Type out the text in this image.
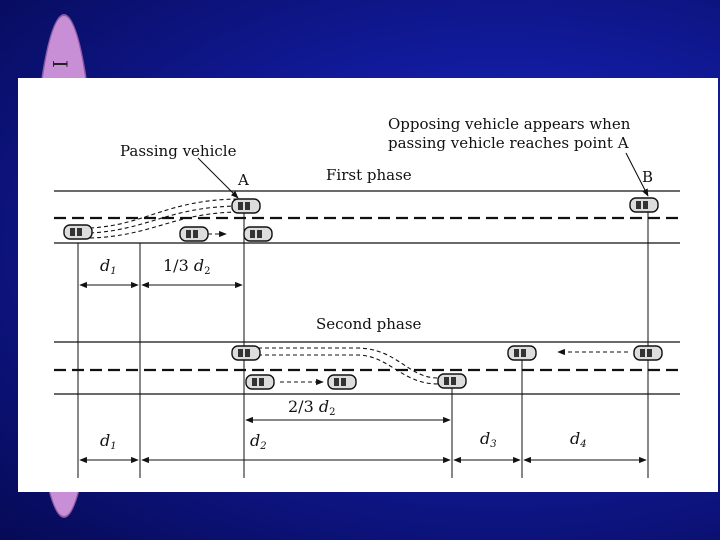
I
Passing vehicle
Opposing vehicle appears when
passing vehicle reaches point A
A	B
First phase
d1	1/3 d2
Second phase
2/3 d2
d1	d2	d3	d4
